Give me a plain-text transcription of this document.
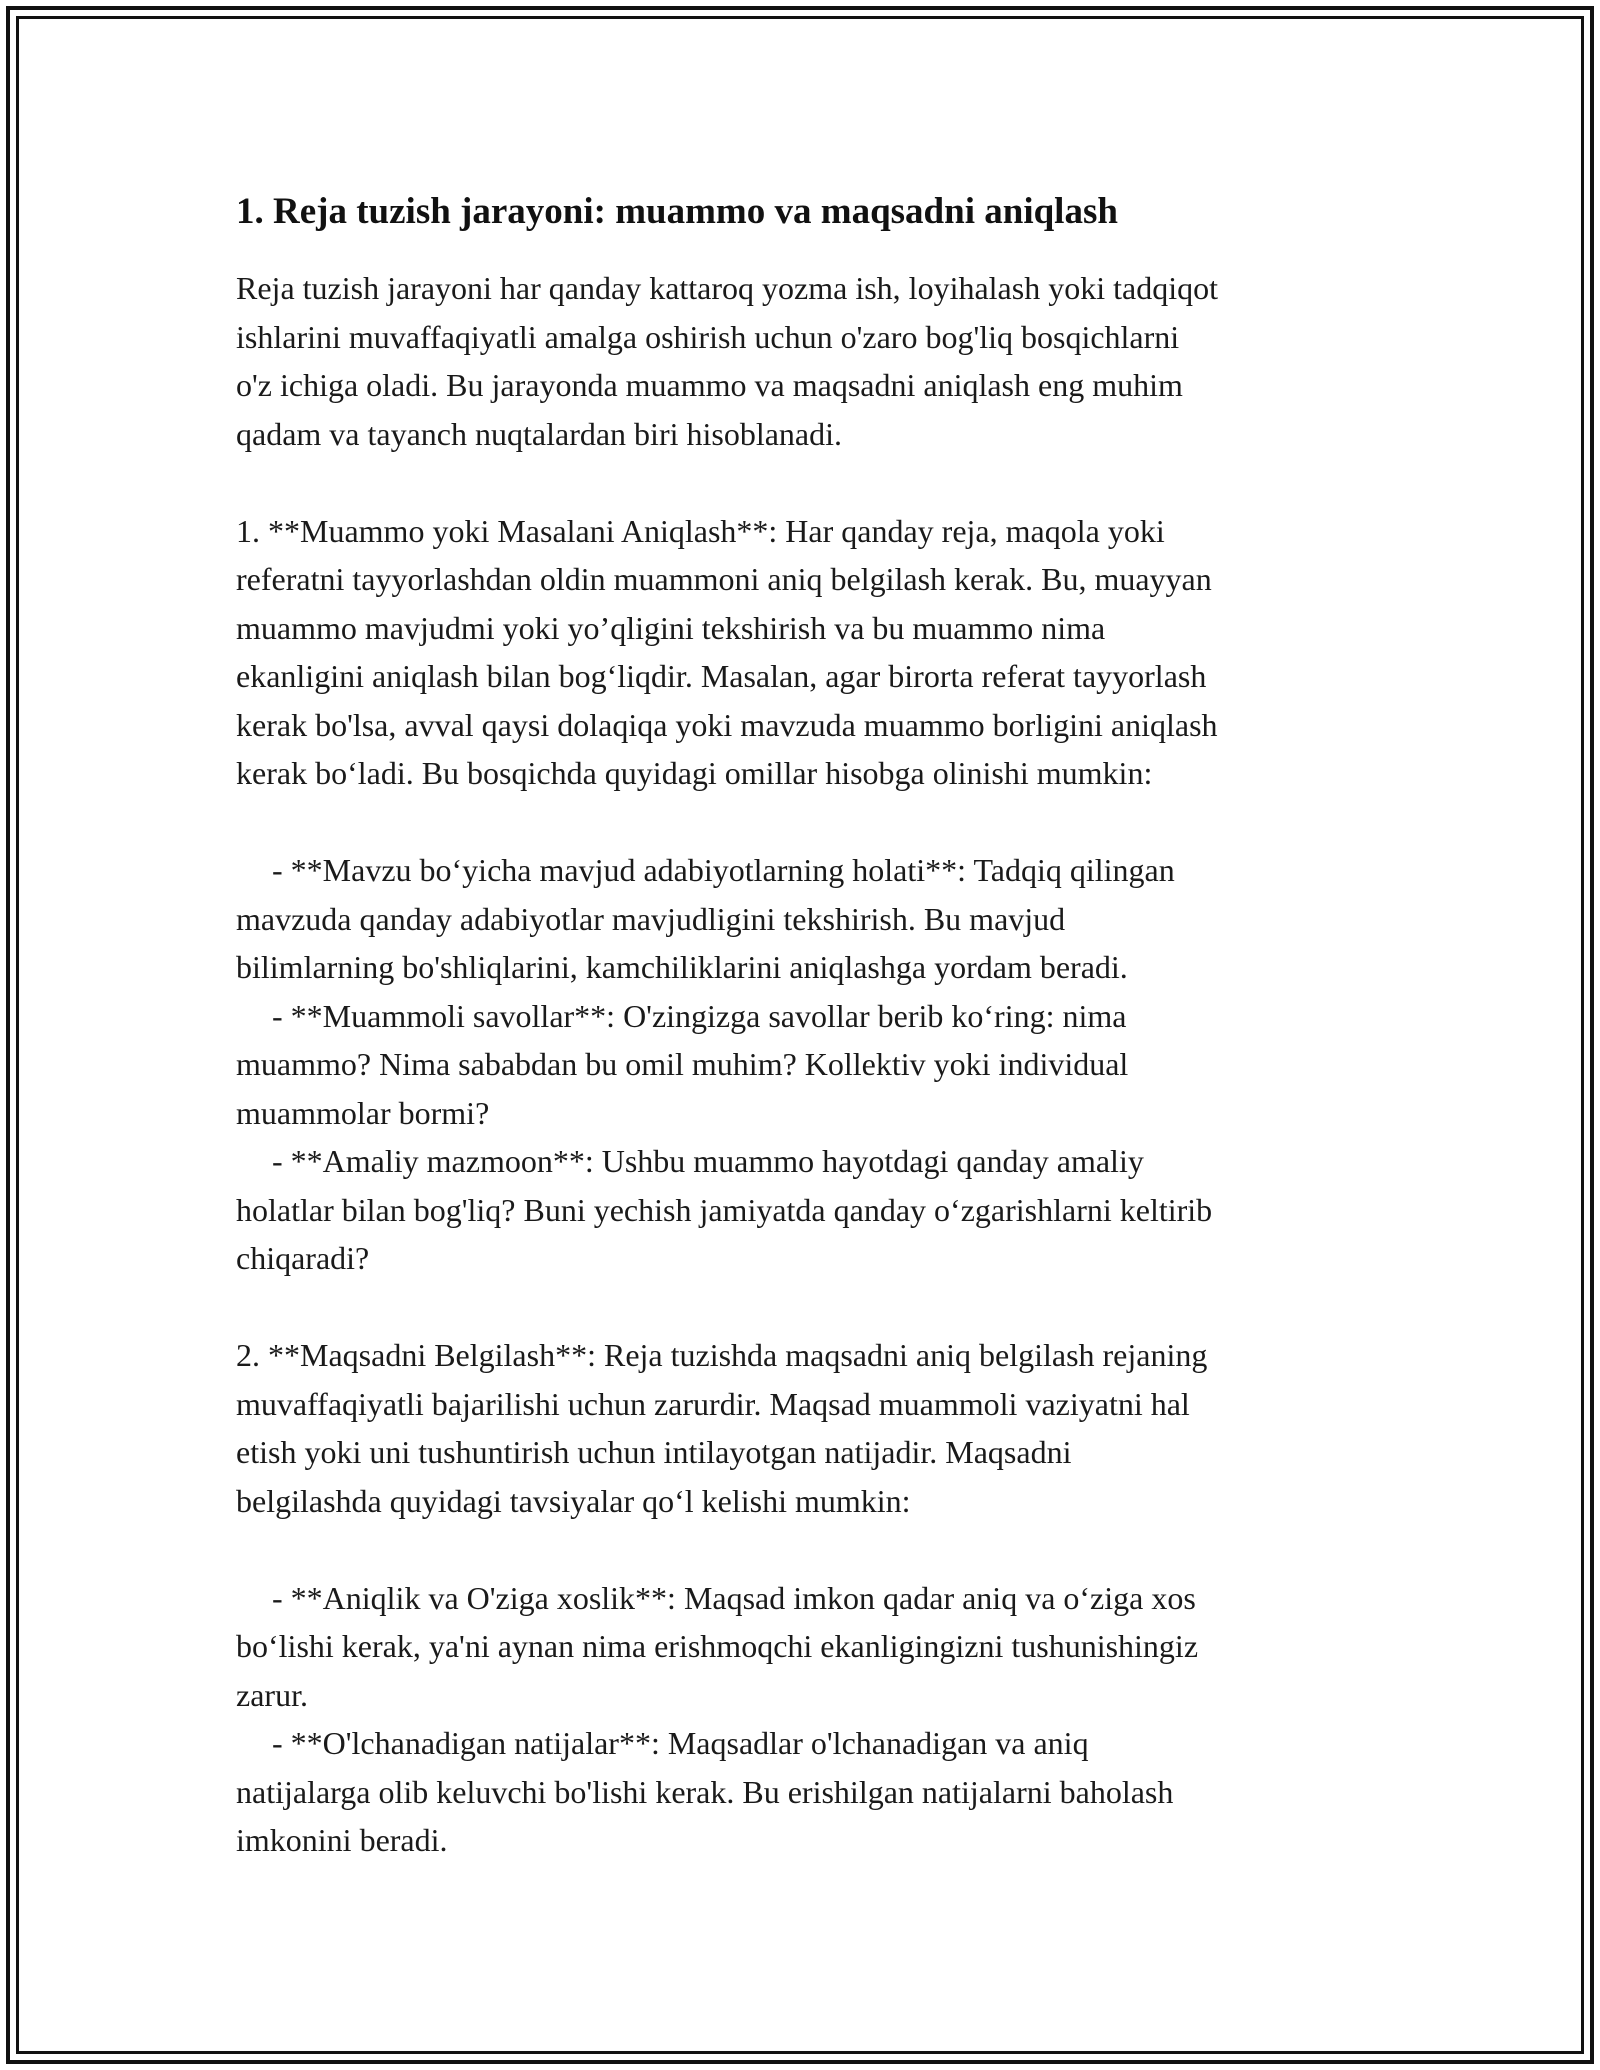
1. Reja tuzish jarayoni: muammo va maqsadni aniqlash

Reja tuzish jarayoni har qanday kattaroq yozma ish, loyihalash yoki tadqiqot
ishlarini muvaffaqiyatli amalga oshirish uchun o'zaro bog'liq bosqichlarni
o'z ichiga oladi. Bu jarayonda muammo va maqsadni aniqlash eng muhim
qadam va tayanch nuqtalardan biri hisoblanadi.

1. **Muammo yoki Masalani Aniqlash**: Har qanday reja, maqola yoki
referatni tayyorlashdan oldin muammoni aniq belgilash kerak. Bu, muayyan
muammo mavjudmi yoki yo’qligini tekshirish va bu muammo nima
ekanligini aniqlash bilan bog‘liqdir. Masalan, agar birorta referat tayyorlash
kerak bo'lsa, avval qaysi dolaqiqa yoki mavzuda muammo borligini aniqlash
kerak bo‘ladi. Bu bosqichda quyidagi omillar hisobga olinishi mumkin:

- **Mavzu bo‘yicha mavjud adabiyotlarning holati**: Tadqiq qilingan
mavzuda qanday adabiyotlar mavjudligini tekshirish. Bu mavjud
bilimlarning bo'shliqlarini, kamchiliklarini aniqlashga yordam beradi.

- **Muammoli savollar**: O'zingizga savollar berib ko‘ring: nima
muammo? Nima sababdan bu omil muhim? Kollektiv yoki individual
muammolar bormi?

- **Amaliy mazmoon**: Ushbu muammo hayotdagi qanday amaliy
holatlar bilan bog'liq? Buni yechish jamiyatda qanday o‘zgarishlarni keltirib
chiqaradi?

2. **Maqsadni Belgilash**: Reja tuzishda maqsadni aniq belgilash rejaning
muvaffaqiyatli bajarilishi uchun zarurdir. Maqsad muammoli vaziyatni hal
etish yoki uni tushuntirish uchun intilayotgan natijadir. Maqsadni
belgilashda quyidagi tavsiyalar qo‘l kelishi mumkin:

- **Aniqlik va O'ziga xoslik**: Maqsad imkon qadar aniq va o‘ziga xos
bo‘lishi kerak, ya'ni aynan nima erishmoqchi ekanligingizni tushunishingiz
zarur.

- **O'lchanadigan natijalar**: Maqsadlar o'lchanadigan va aniq
natijalarga olib keluvchi bo'lishi kerak. Bu erishilgan natijalarni baholash
imkonini beradi.
